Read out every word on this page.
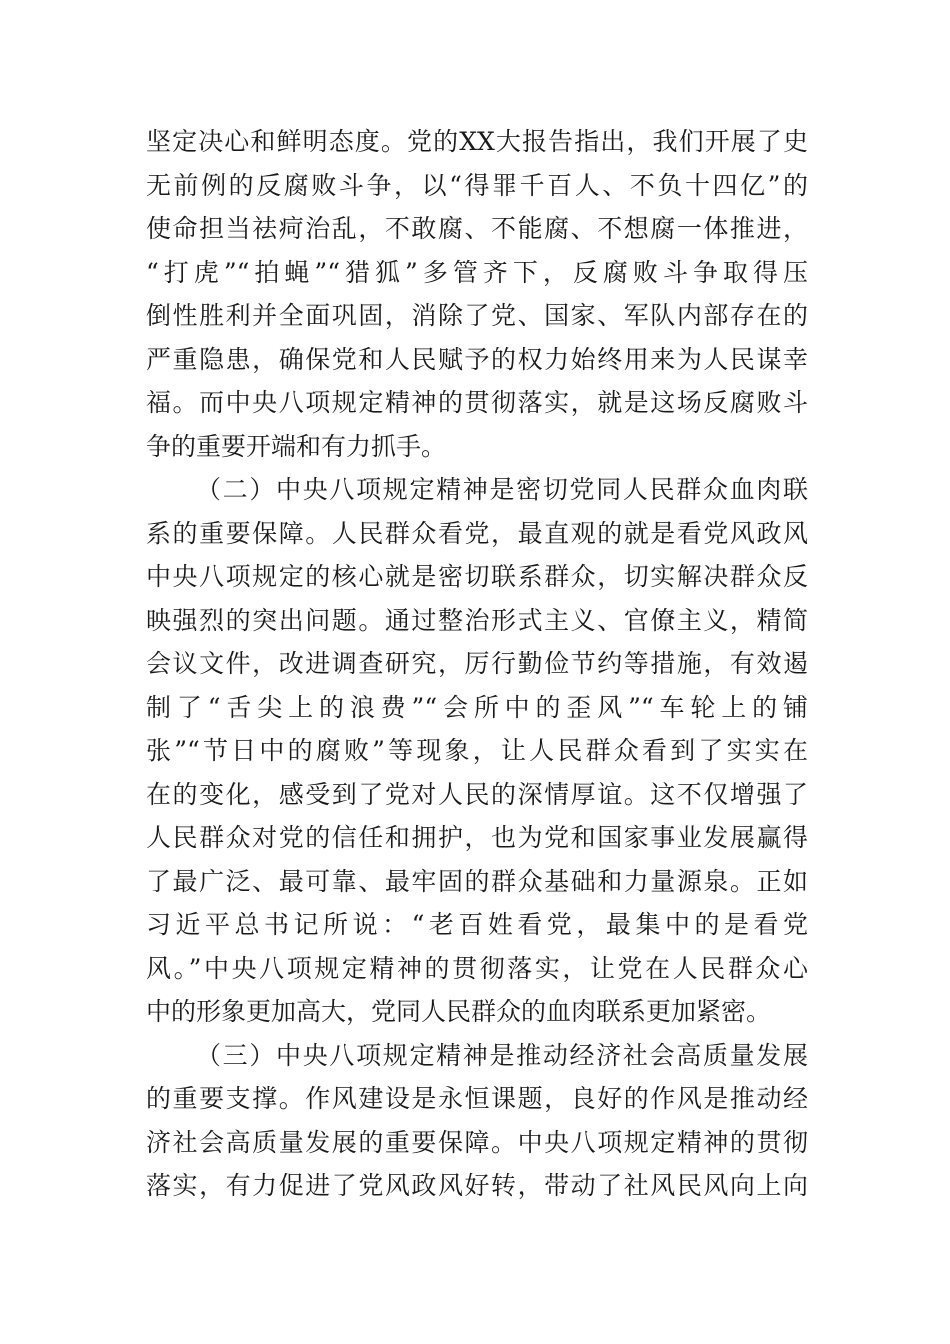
坚定决心和鲜明态度。党的XX大报告指出，我们开展了史
无前例的反腐败斗争，以“得罪千百人、不负十四亿”的
使命担当祛疴治乱，不敢腐、不能腐、不想腐一体推进，
“打虎”“拍蝇”“猎狐”多管齐下，反腐败斗争取得压
倒性胜利并全面巩固，消除了党、国家、军队内部存在的
严重隐患，确保党和人民赋予的权力始终用来为人民谋幸
福。而中央八项规定精神的贯彻落实，就是这场反腐败斗
争的重要开端和有力抓手。
（二）中央八项规定精神是密切党同人民群众血肉联
系的重要保障。人民群众看党，最直观的就是看党风政风
中央八项规定的核心就是密切联系群众，切实解决群众反
映强烈的突出问题。通过整治形式主义、官僚主义，精简
会议文件，改进调查研究，厉行勤俭节约等措施，有效遏
制了“舌尖上的浪费”“会所中的歪风”“车轮上的铺
张”“节日中的腐败”等现象，让人民群众看到了实实在
在的变化，感受到了党对人民的深情厚谊。这不仅增强了
人民群众对党的信任和拥护，也为党和国家事业发展赢得
了最广泛、最可靠、最牢固的群众基础和力量源泉。正如
习近平总书记所说：“老百姓看党，最集中的是看党
风。”中央八项规定精神的贯彻落实，让党在人民群众心
中的形象更加高大，党同人民群众的血肉联系更加紧密。
（三）中央八项规定精神是推动经济社会高质量发展
的重要支撑。作风建设是永恒课题，良好的作风是推动经
济社会高质量发展的重要保障。中央八项规定精神的贯彻
落实，有力促进了党风政风好转，带动了社风民风向上向
